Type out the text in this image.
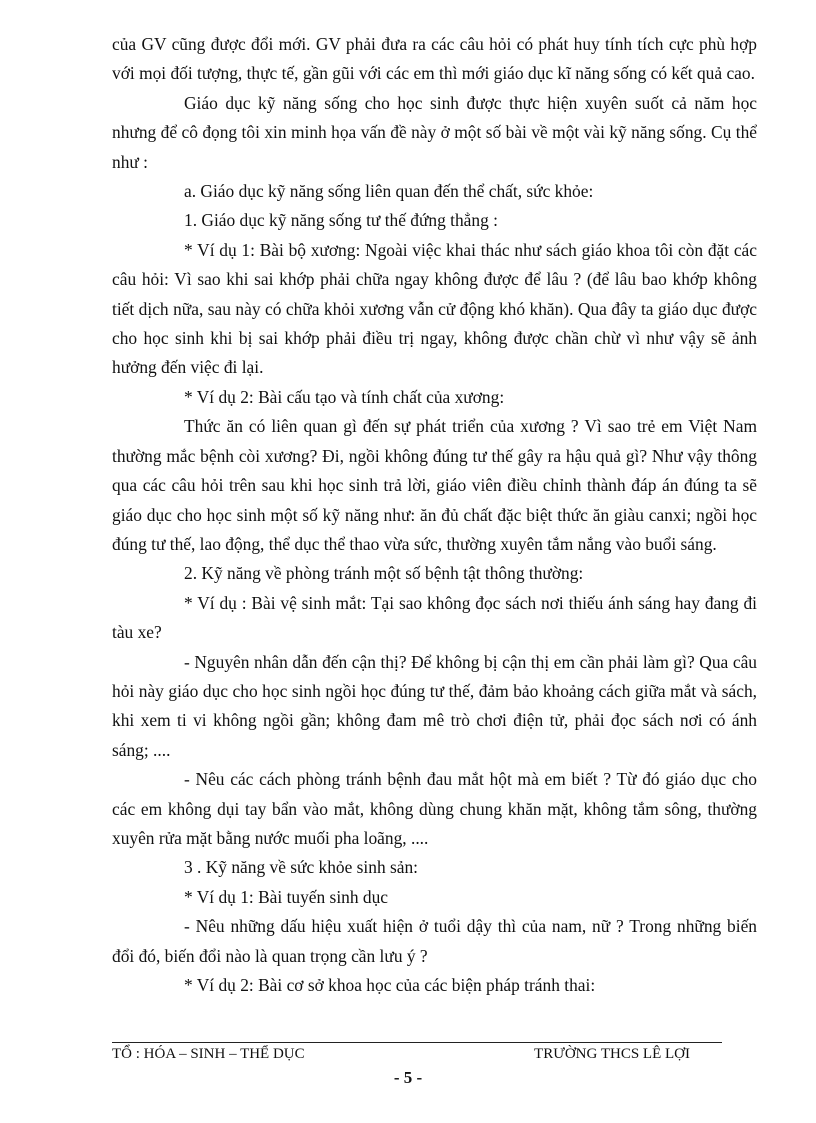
của GV cũng được đổi mới. GV phải đưa ra các câu hỏi có phát huy tính tích cực phù hợp với mọi đối tượng, thực tế, gần gũi với các em thì mới giáo dục kĩ năng sống có kết quả cao.

Giáo dục kỹ năng sống cho học sinh được thực hiện xuyên suốt cả năm học nhưng để cô đọng tôi xin minh họa vấn đề này ở một số bài về một vài kỹ năng sống. Cụ thể như :

a. Giáo dục kỹ năng sống liên quan đến thể chất, sức khỏe:

1. Giáo dục kỹ năng sống tư thế đứng thẳng :

* Ví dụ 1: Bài bộ xương: Ngoài việc khai thác như sách giáo khoa tôi còn đặt các câu hỏi: Vì sao khi sai khớp phải chữa ngay không được để lâu ? (để lâu bao khớp không tiết dịch nữa, sau này có chữa khỏi xương vẫn cử động khó khăn). Qua đây ta giáo dục được cho học sinh khi bị sai khớp phải điều trị ngay, không được chần chừ vì như vậy sẽ ảnh hưởng đến việc đi lại.

* Ví dụ 2: Bài cấu tạo và tính chất của xương:

Thức ăn có liên quan gì đến sự phát triển của xương ? Vì sao trẻ em Việt Nam thường mắc bệnh còi xương? Đi, ngồi không đúng tư thế gây ra hậu quả gì? Như vậy thông qua các câu hỏi trên sau khi học sinh trả lời, giáo viên điều chỉnh thành đáp án đúng ta sẽ giáo dục cho học sinh một số kỹ năng như: ăn đủ chất đặc biệt thức ăn giàu canxi; ngồi học đúng tư thế, lao động, thể dục thể thao vừa sức, thường xuyên tắm nắng vào buổi sáng.

2. Kỹ năng về phòng tránh một số bệnh tật thông thường:

* Ví dụ : Bài vệ sinh mắt: Tại sao không đọc sách nơi thiếu ánh sáng hay đang đi tàu xe?

- Nguyên nhân dẫn đến cận thị? Để không bị cận thị em cần phải làm gì? Qua câu hỏi này giáo dục cho học sinh ngồi học đúng tư thế, đảm bảo khoảng cách giữa mắt và sách, khi xem ti vi không ngồi gần; không đam mê trò chơi điện tử, phải đọc sách nơi có ánh sáng; ....

- Nêu các cách phòng tránh bệnh đau mắt hột mà em biết ? Từ đó giáo dục cho các em không dụi tay bẩn vào mắt, không dùng chung khăn mặt, không tắm sông, thường xuyên rửa mặt bằng nước muối pha loãng, ....

3 . Kỹ năng về sức khỏe sinh sản:

* Ví dụ 1: Bài tuyến sinh dục

- Nêu những dấu hiệu xuất hiện ở tuổi dậy thì của nam, nữ ? Trong những biến đổi đó, biến đổi nào là quan trọng cần lưu ý ?

* Ví dụ 2: Bài cơ sở khoa học của các biện pháp tránh thai:

TỔ : HÓA – SINH – THỂ DỤC	TRƯỜNG THCS LÊ LỢI
- 5 -
